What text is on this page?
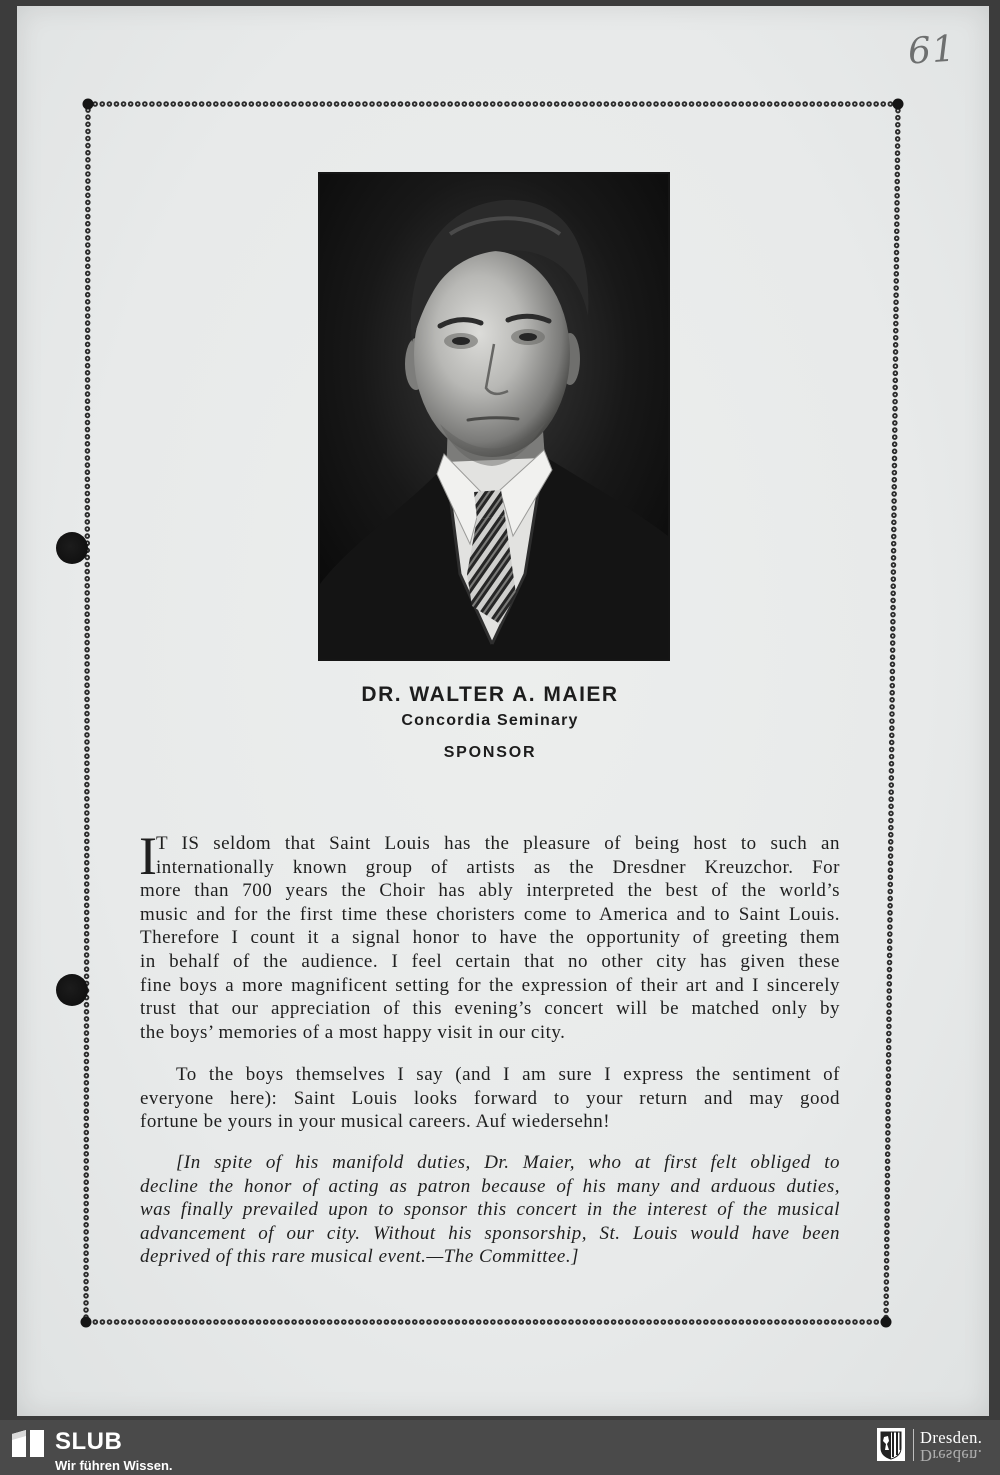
61
DR. WALTER A. MAIER
Concordia Seminary
SPONSOR
I T IS seldom that Saint Louis has the pleasure of being host to such an
internationally known group of artists as the Dresdner Kreuzchor. For
more than 700 years the Choir has ably interpreted the best of the world’s
music and for the first time these choristers come to America and to Saint Louis.
Therefore I count it a signal honor to have the opportunity of greeting them
in behalf of the audience. I feel certain that no other city has given these
fine boys a more magnificent setting for the expression of their art and I sincerely
trust that our appreciation of this evening’s concert will be matched only by
the boys’ memories of a most happy visit in our city.
To the boys themselves I say (and I am sure I express the sentiment of
everyone here): Saint Louis looks forward to your return and may good
fortune be yours in your musical careers. Auf wiedersehn!
[In spite of his manifold duties, Dr. Maier, who at first felt obliged to
decline the honor of acting as patron because of his many and arduous duties,
was finally prevailed upon to sponsor this concert in the interest of the musical
advancement of our city. Without his sponsorship, St. Louis would have been
deprived of this rare musical event.—The Committee.]
SLUB
Wir führen Wissen.
Dresden.
Dresden.
